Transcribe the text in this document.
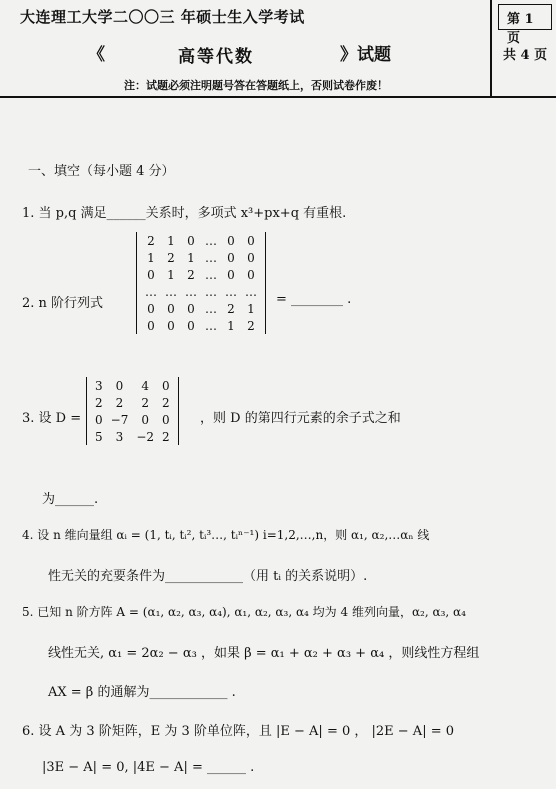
大连理工大学二〇〇三 年硕士生入学考试	第 1 页
共 4 页
《	高等代数	》试题
注：试题必须注明题号答在答题纸上，否则试卷作废！
一、填空（每小题 4 分）
1. 当 p,q 满足______关系时，多项式 x³+px+q 有重根.
2. n 阶行列式
2	1	0	…	0	0
1	2	1	…	0	0
0	1	2	…	0	0
…	…	…	…	…	…
0	0	0	…	2	1
0	0	0	…	1	2
= ________ .
3. 设 D =
3	0	4	0
2	2	2	2
0	−7	0	0
5	3	−2	2
，则 D 的第四行元素的余子式之和
为______.
4. 设 n 维向量组 αᵢ = (1, tᵢ, tᵢ², tᵢ³…, tᵢⁿ⁻¹) i=1,2,…,n，则 α₁, α₂,…αₙ 线
性无关的充要条件为____________（用 tᵢ 的关系说明）.
5. 已知 n 阶方阵 A = (α₁, α₂, α₃, α₄), α₁, α₂, α₃, α₄ 均为 4 维列向量，α₂, α₃, α₄
线性无关, α₁ = 2α₂ − α₃ ，如果 β = α₁ + α₂ + α₃ + α₄ ，则线性方程组
AX = β 的通解为____________ .
6. 设 A 为 3 阶矩阵，E 为 3 阶单位阵，且 |E − A| = 0 ， |2E − A| = 0
|3E − A| = 0, |4E − A| = ______ .
